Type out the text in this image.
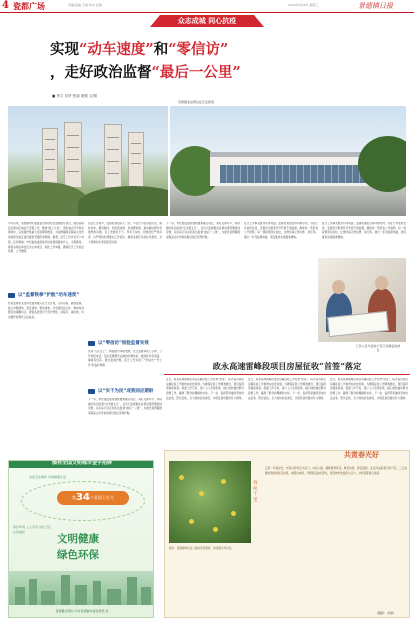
4 瓷都广场	责编/美编 王娟 校对 张健	2022年6月8日 星期三	景德镇日报
众志成城 同心抗疫
实现“动车速度”和“零信访”
，走好政治监督“最后一公里”
■ 李文 吴华 张丽 黄强 文/图
景德镇北站周边征迁后新貌
今年以来，景德镇市纪委监委坚持把政治监督摆在首位，围绕高铁站及周边区域征迁安置工作，聚焦“国之大者”，紧盯重点环节和关键岗位，以监督护航重大项目顺利推进，为景德镇国家陶瓷文化传承创新试验区建设提供坚强纪律保障。据悉，征迁工作涉及多个村组，任务繁重。市纪委监委派驻纪检监察组提前介入，全程跟进，督促各相关单位压实主体责任，细化工作举措，确保征迁工作依法依规、公开透明。
以“监督铁拳”护航“动车速度”
纪检监察机关坚持把监督融入征迁全过程，主动对接、靠前监督，建立问题清单、责任清单、整改清单，对发现的苗头性、倾向性问题及时提醒纠正。督促各级党员干部守规矩、讲程序、重实效，切实维护好群众合法权益。
在征迁过程中，监督检查组深入一线，与征迁户面对面交流，倾听诉求，解答疑问，把政策讲透、把道理讲明，推动解决群众急难愁盼问题。对工作推进不力、作风不实的，依规依纪严肃问责，以严明的纪律推动工作落实，确保各项任务按时序推进，全力保障动车项目建设进度。
以“零信访”检验监督实效
坚持“人民至上”，畅通信访举报渠道，设立监督举报公示牌，公开举报电话，及时受理群众反映的问题线索，做到件件有着落、事事有回音。通过监督护航，征迁工作实现了“零信访”“零上访”的良好效果。
以“实干为民”成效回应期盼
下一步，市纪委监委将继续聚焦重点项目，紧盯关键环节，持续做好政治监督“后半篇文章”，以有力监督推动各项决策部署落地见效，以实际行动走好政治监督“最后一公里”，为建设景德镇国家陶瓷文化传承创新试验区保驾护航。
下一步，市纪委监委将继续聚焦重点项目，紧盯关键环节，持续做好政治监督“后半篇文章”，以有力监督推动各项决策部署落地见效，以实际行动走好政治监督“最后一公里”，为建设景德镇国家陶瓷文化传承创新试验区保驾护航。
征迁工作事关群众切身利益。监督检查组坚持问题导向，对征迁补偿款发放、安置房分配等环节开展专项监督，确保每一笔资金公开透明、每一项政策落实到位，让群众真正得实惠、享红利。通过一系列监督举措，项目推进实现提速增效。
征迁工作事关群众切身利益。监督检查组坚持问题导向，对征迁补偿款发放、安置房分配等环节开展专项监督，确保每一笔资金公开透明、每一项政策落实到位，让群众真正得实惠、享红利。通过一系列监督举措，项目推进实现提速增效。
工作人员与征收户签订房屋征收协议
政永高速雷峰段项目房屋征收“首签”落定
近日，政永高速雷峰段项目房屋征收工作迎来“首签”，标志着该项目房屋征收工作取得实质性进展。为确保征收工作顺利推进，项目指挥部提前谋划，组建工作专班，逐户上门宣传政策，耐心细致做好群众思想工作，赢得了群众的理解和支持。下一步，指挥部将继续坚持依法征收、阳光征收，全力加快征收进度，为项目建设提供有力保障。
近日，政永高速雷峰段项目房屋征收工作迎来“首签”，标志着该项目房屋征收工作取得实质性进展。为确保征收工作顺利推进，项目指挥部提前谋划，组建工作专班，逐户上门宣传政策，耐心细致做好群众思想工作，赢得了群众的理解和支持。下一步，指挥部将继续坚持依法征收、阳光征收，全力加快征收进度，为项目建设提供有力保障。
近日，政永高速雷峰段项目房屋征收工作迎来“首签”，标志着该项目房屋征收工作取得实质性进展。为确保征收工作顺利推进，项目指挥部提前谋划，组建工作专班，逐户上门宣传政策，耐心细致做好群众思想工作，赢得了群众的理解和支持。下一步，指挥部将继续坚持依法征收、阳光征收，全力加快征收进度，为项目建设提供有力保障。
擦亮全国文明城市金字招牌
共创卫生城市 共享健康生活
第34个爱国卫生月
保护环境 人人有责 讲究卫生 从我做起
文明健康
绿色环保
景德镇文明办 中共景德镇市委宣传部 宣
图为：景德镇市民在公园内赏花游玩，享受春日好时光。
春风十里
正是一年春好处，市民们纷纷走出家门，来到公园、湖畔踏青赏花。繁花似锦，绿意盎然，处处洋溢着春天的气息。三五成群的游客或驻足拍照，或漫步林间，尽情享受美好春光，感受城市的温度与活力，共赏瓷都春日美景。
（摄影：余健）
共赏春光好
